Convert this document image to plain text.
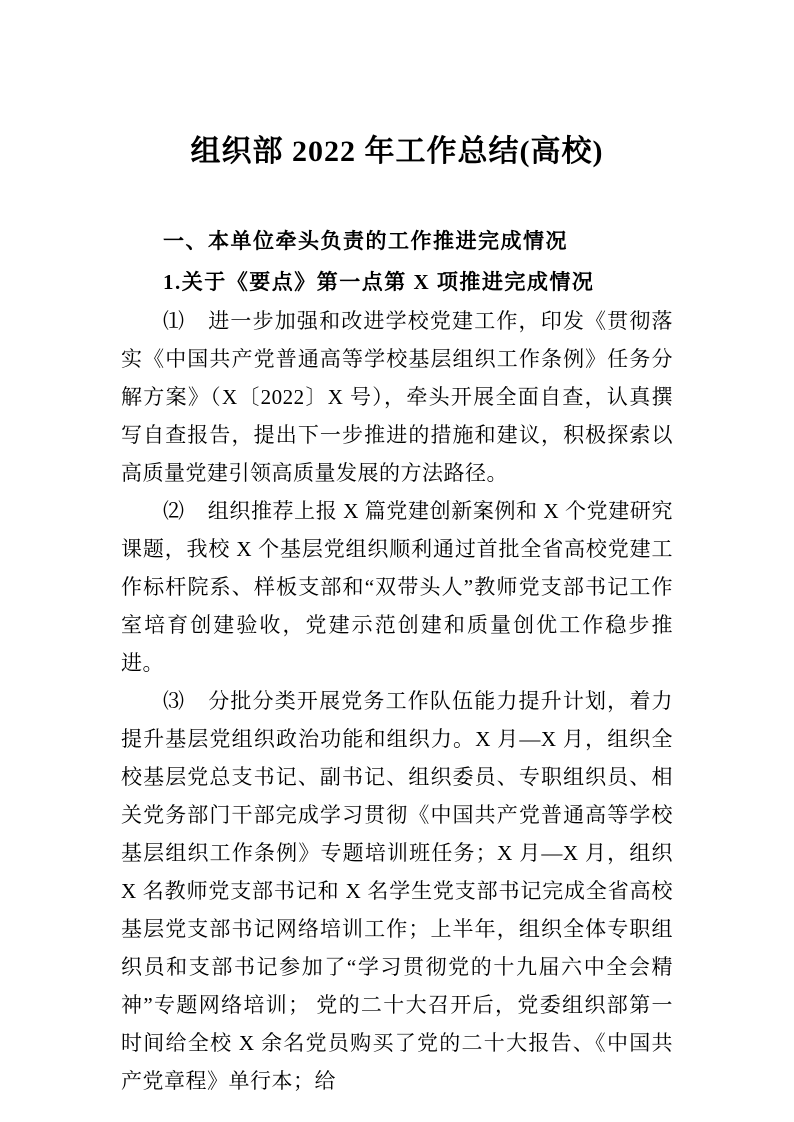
组织部 2022 年工作总结(高校)
一、本单位牵头负责的工作推进完成情况
1.关于《要点》第一点第 X 项推进完成情况

⑴ 进一步加强和改进学校党建工作，印发《贯彻落实《中国共产党普通高等学校基层组织工作条例》任务分解方案》（X〔2022〕X 号），牵头开展全面自查，认真撰写自查报告，提出下一步推进的措施和建议，积极探索以高质量党建引领高质量发展的方法路径。

⑵ 组织推荐上报 X 篇党建创新案例和 X 个党建研究课题，我校 X 个基层党组织顺利通过首批全省高校党建工作标杆院系、样板支部和“双带头人”教师党支部书记工作室培育创建验收，党建示范创建和质量创优工作稳步推进。

⑶ 分批分类开展党务工作队伍能力提升计划，着力提升基层党组织政治功能和组织力。X 月—X 月，组织全校基层党总支书记、副书记、组织委员、专职组织员、相关党务部门干部完成学习贯彻《中国共产党普通高等学校基层组织工作条例》专题培训班任务；X 月—X 月，组织 X 名教师党支部书记和 X 名学生党支部书记完成全省高校基层党支部书记网络培训工作；上半年，组织全体专职组织员和支部书记参加了“学习贯彻党的十九届六中全会精神”专题网络培训； 党的二十大召开后，党委组织部第一时间给全校 X 余名党员购买了党的二十大报告、《中国共产党章程》单行本；给
